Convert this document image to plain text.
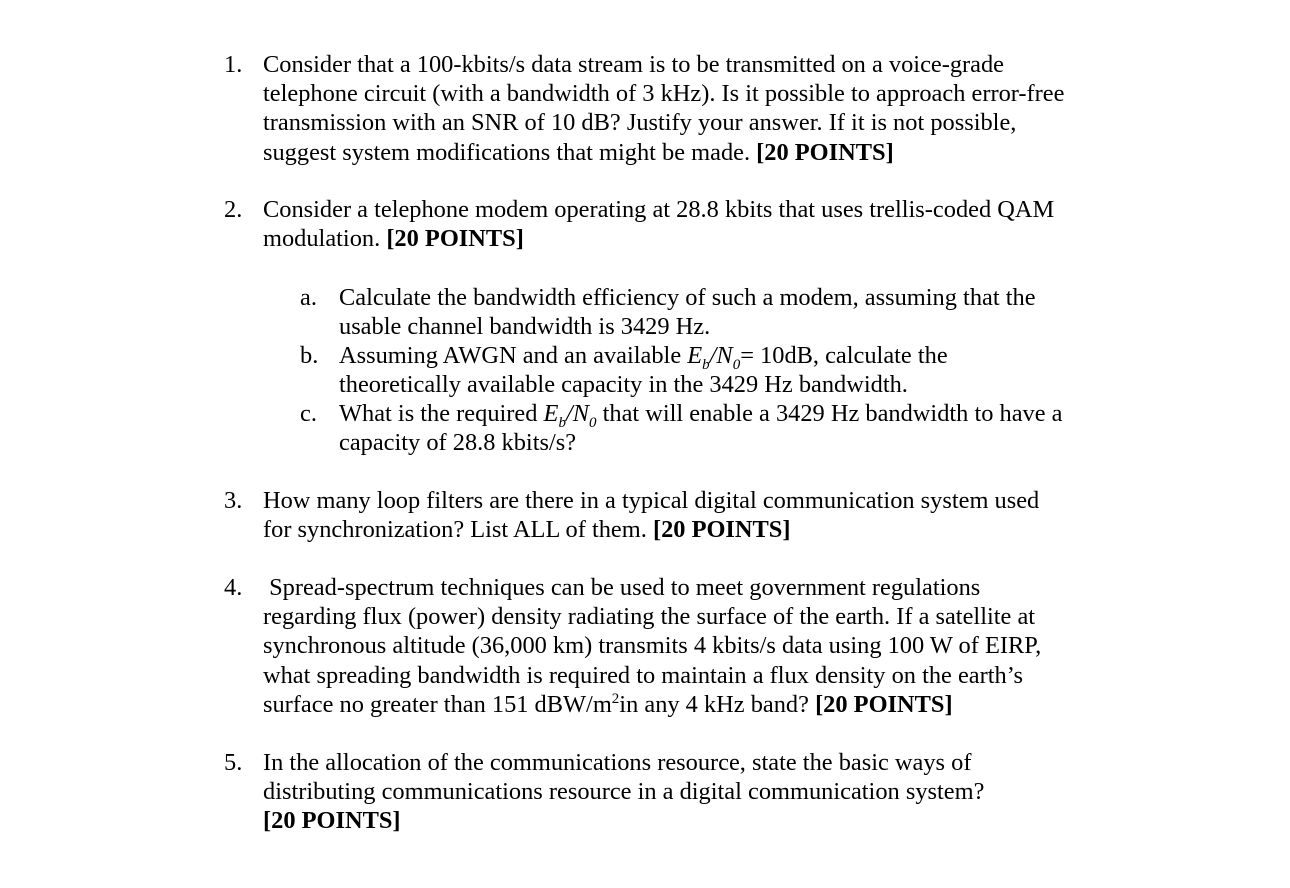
1. Consider that a 100-kbits/s data stream is to be transmitted on a voice-grade
telephone circuit (with a bandwidth of 3 kHz). Is it possible to approach error-free
transmission with an SNR of 10 dB? Justify your answer. If it is not possible,
suggest system modifications that might be made. [20 POINTS]
2. Consider a telephone modem operating at 28.8 kbits that uses trellis-coded QAM
modulation. [20 POINTS]
a. Calculate the bandwidth efficiency of such a modem, assuming that the
usable channel bandwidth is 3429 Hz.
b. Assuming AWGN and an available $E_b/N_0= 10dB$, calculate the
theoretically available capacity in the 3429 Hz bandwidth.
c. What is the required $E_b/N_0$ that will enable a 3429 Hz bandwidth to have a
capacity of 28.8 kbits/s?
3. How many loop filters are there in a typical digital communication system used
for synchronization? List ALL of them. [20 POINTS]
4. Spread-spectrum techniques can be used to meet government regulations
regarding flux (power) density radiating the surface of the earth. If a satellite at
synchronous altitude (36,000 km) transmits 4 kbits/s data using 100 W of EIRP,
what spreading bandwidth is required to maintain a flux density on the earth’s
surface no greater than 151 dBW/$m^2in$ any 4 kHz band? [20 POINTS]
5. In the allocation of the communications resource, state the basic ways of
distributing communications resource in a digital communication system?
[20 POINTS]
